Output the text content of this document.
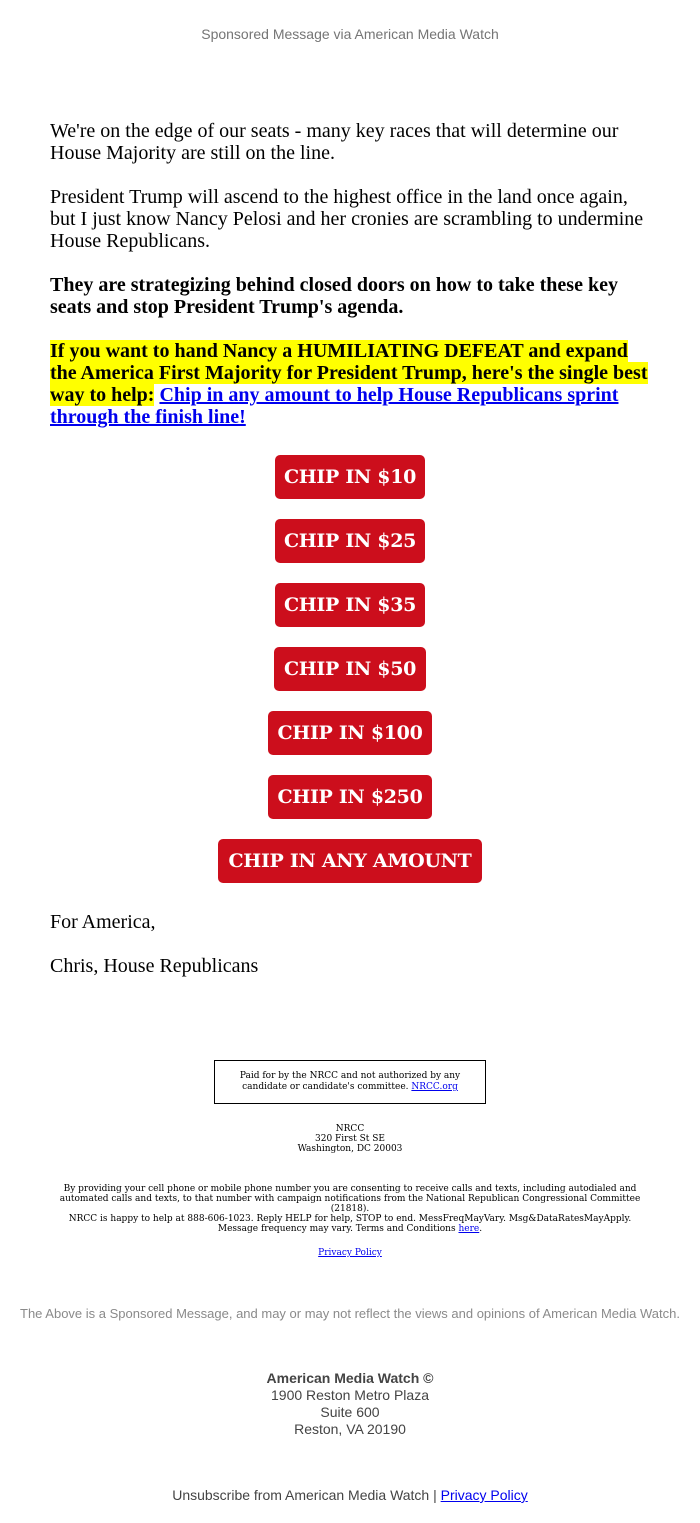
Sponsored Message via American Media Watch

We're on the edge of our seats - many key races that will determine our House Majority are still on the line.

President Trump will ascend to the highest office in the land once again, but I just know Nancy Pelosi and her cronies are scrambling to undermine House Republicans.

They are strategizing behind closed doors on how to take these key seats and stop President Trump's agenda.

If you want to hand Nancy a HUMILIATING DEFEAT and expand the America First Majority for President Trump, here's the single best way to help: Chip in any amount to help House Republicans sprint through the finish line!

CHIP IN $10
CHIP IN $25
CHIP IN $35
CHIP IN $50
CHIP IN $100
CHIP IN $250
CHIP IN ANY AMOUNT
For America,
Chris, House Republicans
Paid for by the NRCC and not authorized by any candidate or candidate's committee. NRCC.org
NRCC
320 First St SE
Washington, DC 20003
By providing your cell phone or mobile phone number you are consenting to receive calls and texts, including autodialed and automated calls and texts, to that number with campaign notifications from the National Republican Congressional Committee (21818).
NRCC is happy to help at 888-606-1023. Reply HELP for help, STOP to end. MessFreqMayVary. Msg&DataRatesMayApply. Message frequency may vary. Terms and Conditions here.
Privacy Policy
The Above is a Sponsored Message, and may or may not reflect the views and opinions of American Media Watch.
American Media Watch ©
1900 Reston Metro Plaza
Suite 600
Reston, VA 20190
Unsubscribe from American Media Watch | Privacy Policy
